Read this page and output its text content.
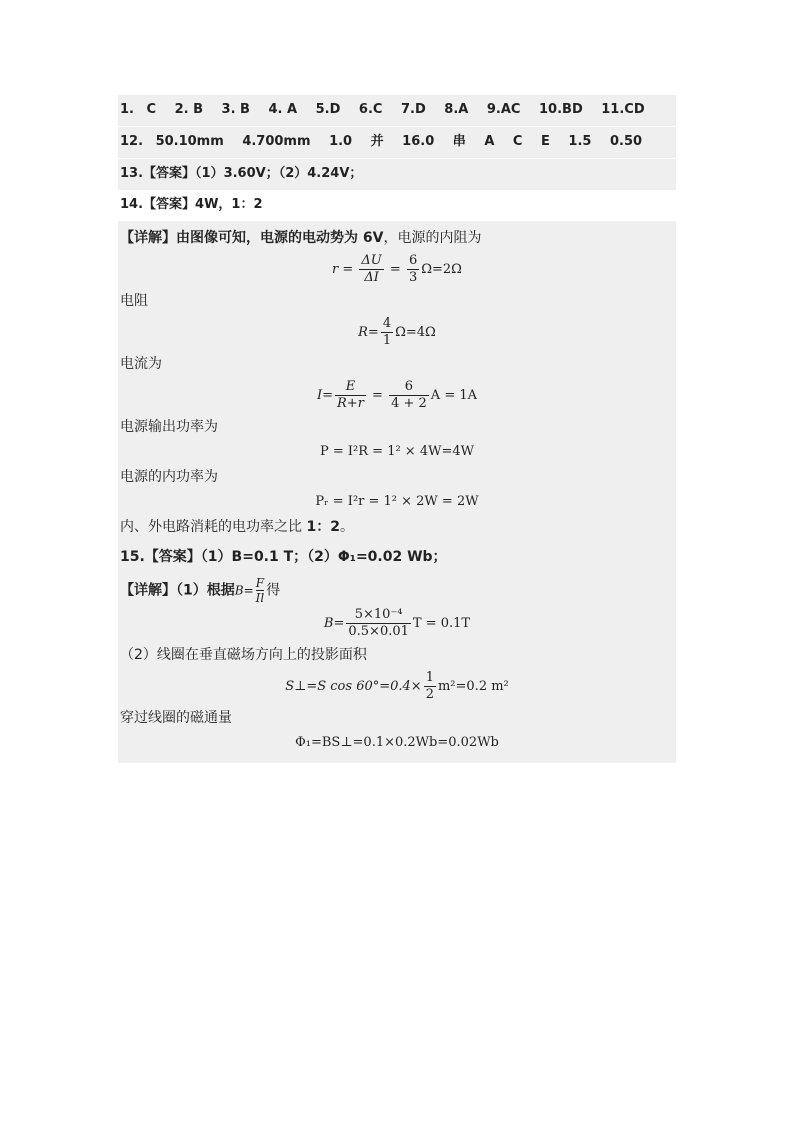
1. C 2. B 3. B 4. A 5.D 6.C 7.D 8.A 9.AC 10.BD 11.CD
12. 50.10mm 4.700mm 1.0 并 16.0 串 A C E 1.5 0.50
13.【答案】（1）3.60V；（2）4.24V；
14.【答案】4W，1：2
【详解】由图像可知，电源的电动势为 6V，电源的内阻为
$r = \frac{\Delta U}{\Delta I} = \frac{6}{3} \Omega=2\Omega$
电阻
$R= \frac{4}{1} \Omega=4\Omega$
电流为
$I= \frac{E}{R+r} = \frac{6}{4 + 2}$ A = 1A
电源输出功率为
P = I²R = 1² × 4W=4W
电源的内功率为
Pᵣ = I²r = 1² × 2W = 2W
内、外电路消耗的电功率之比 1：2。
15.【答案】（1）B=0.1 T；（2）Φ₁=0.02 Wb；
【详解】（1）根据$B= \frac{F}{Il}$ 得
$B= \frac{\text{5×10⁻⁴}}{0.5\times 0.01}$ T = 0.1T
（2）线圈在垂直磁场方向上的投影面积
S⊥=S $\cos 60^\circ=0.4\times \frac{1}{2} m^2=0.2$ m²
穿过线圈的磁通量
Φ₁=BS⊥=0.1×0.2Wb=0.02Wb
